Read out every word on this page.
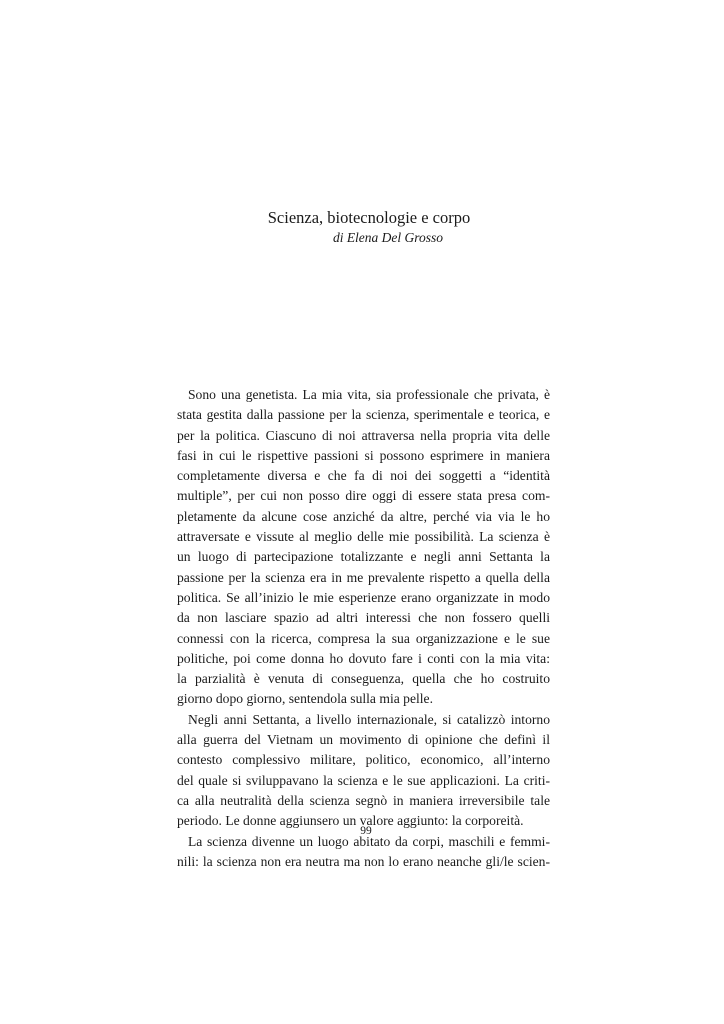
Scienza, biotecnologie e corpo

di Elena Del Grosso

Sono una genetista. La mia vita, sia professionale che privata, è
stata gestita dalla passione per la scienza, sperimentale e teorica, e
per la politica. Ciascuno di noi attraversa nella propria vita delle
fasi in cui le rispettive passioni si possono esprimere in maniera
completamente diversa e che fa di noi dei soggetti a “identità
multiple”, per cui non posso dire oggi di essere stata presa com-
pletamente da alcune cose anziché da altre, perché via via le ho
attraversate e vissute al meglio delle mie possibilità. La scienza è
un luogo di partecipazione totalizzante e negli anni Settanta la
passione per la scienza era in me prevalente rispetto a quella della
politica. Se all’inizio le mie esperienze erano organizzate in modo
da non lasciare spazio ad altri interessi che non fossero quelli
connessi con la ricerca, compresa la sua organizzazione e le sue
politiche, poi come donna ho dovuto fare i conti con la mia vita:
la parzialità è venuta di conseguenza, quella che ho costruito
giorno dopo giorno, sentendola sulla mia pelle.

Negli anni Settanta, a livello internazionale, si catalizzò intorno
alla guerra del Vietnam un movimento di opinione che definì il
contesto complessivo militare, politico, economico, all’interno
del quale si sviluppavano la scienza e le sue applicazioni. La criti-
ca alla neutralità della scienza segnò in maniera irreversibile tale
periodo. Le donne aggiunsero un valore aggiunto: la corporeità.

La scienza divenne un luogo abitato da corpi, maschili e femmi-
nili: la scienza non era neutra ma non lo erano neanche gli/le scien-

99
